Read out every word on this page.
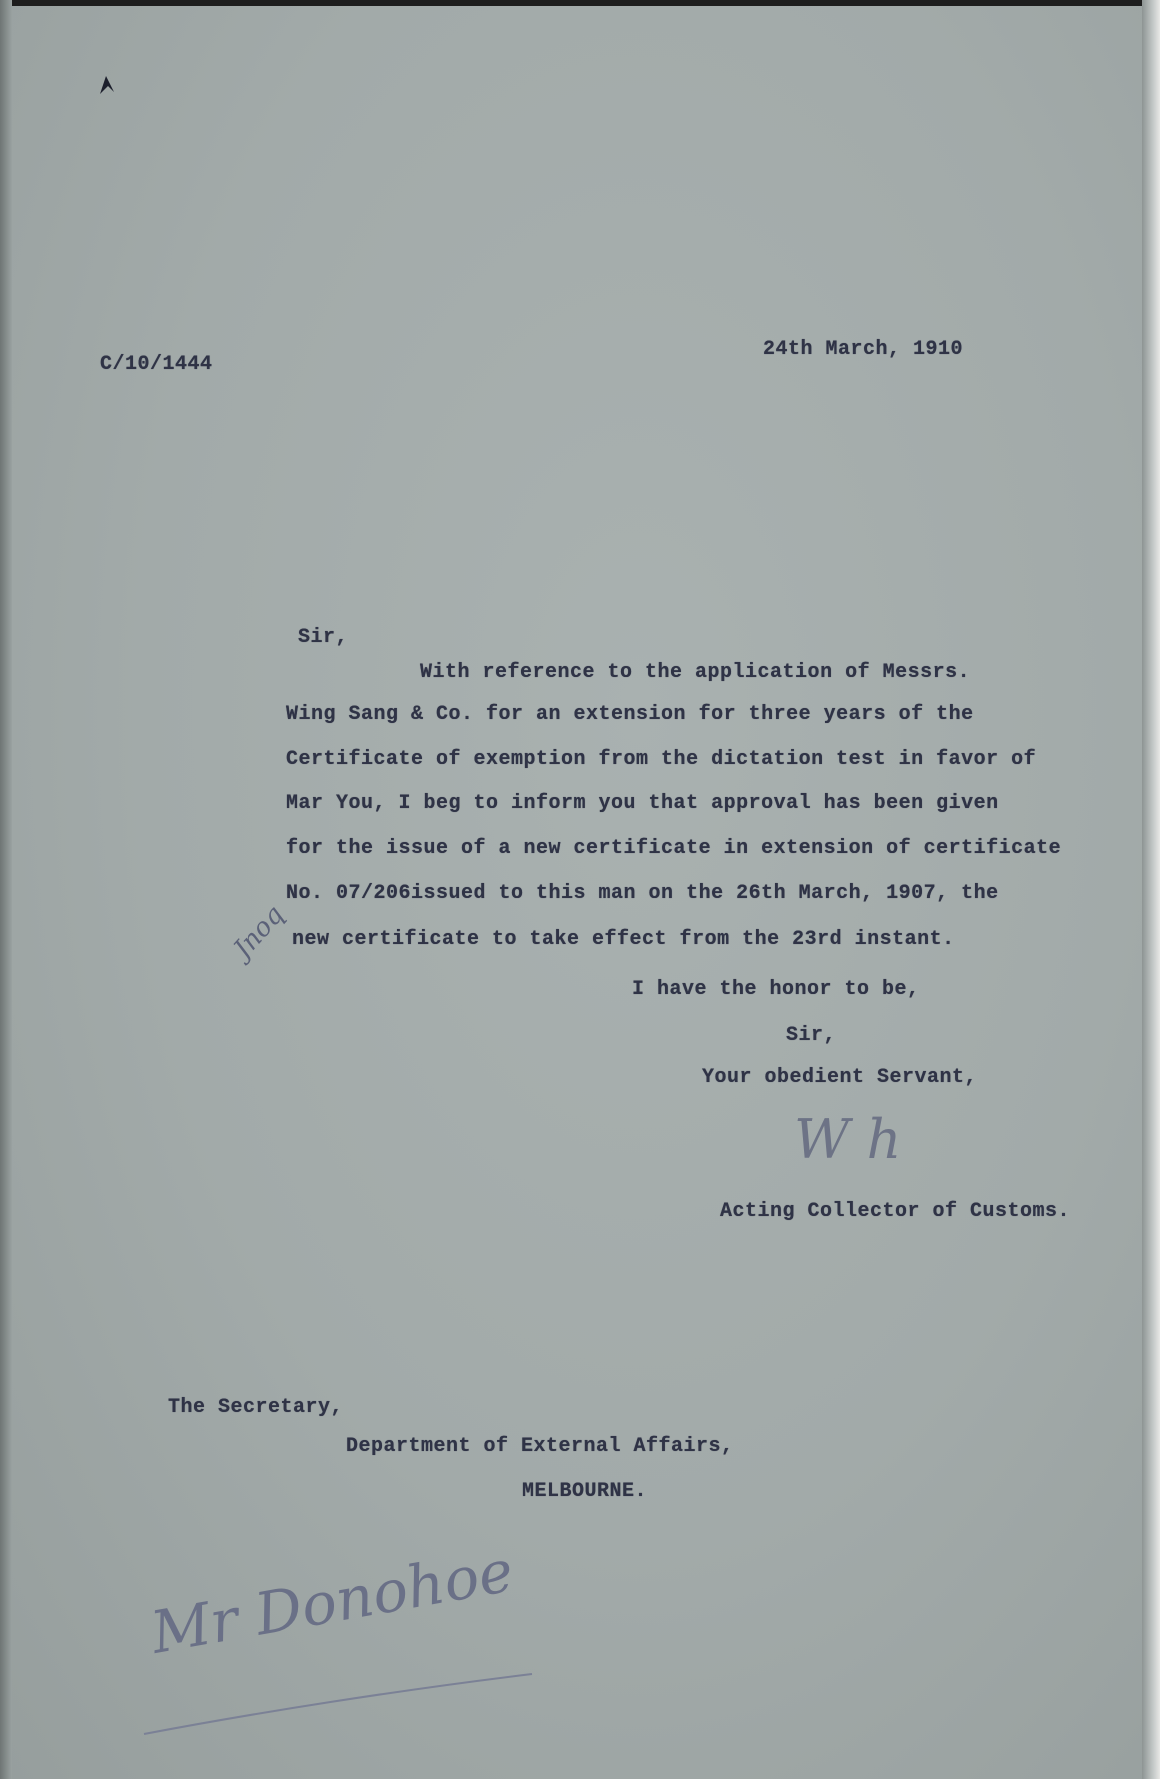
C/10/1444
24th March, 1910
Sir,
With reference to the application of Messrs.
Wing Sang & Co. for an extension for three years of the
Certificate of exemption from the dictation test in favor of
Mar You, I beg to inform you that approval has been given
for the issue of a new certificate in extension of certificate
No. 07/206issued to this man on the 26th March, 1907, the
new certificate to take effect from the 23rd instant.
Jnoq
I have the honor to be,
Sir,
Your obedient Servant,
W h
Acting Collector of Customs.
The Secretary,
Department of External Affairs,
MELBOURNE.
Mr Donohoe
